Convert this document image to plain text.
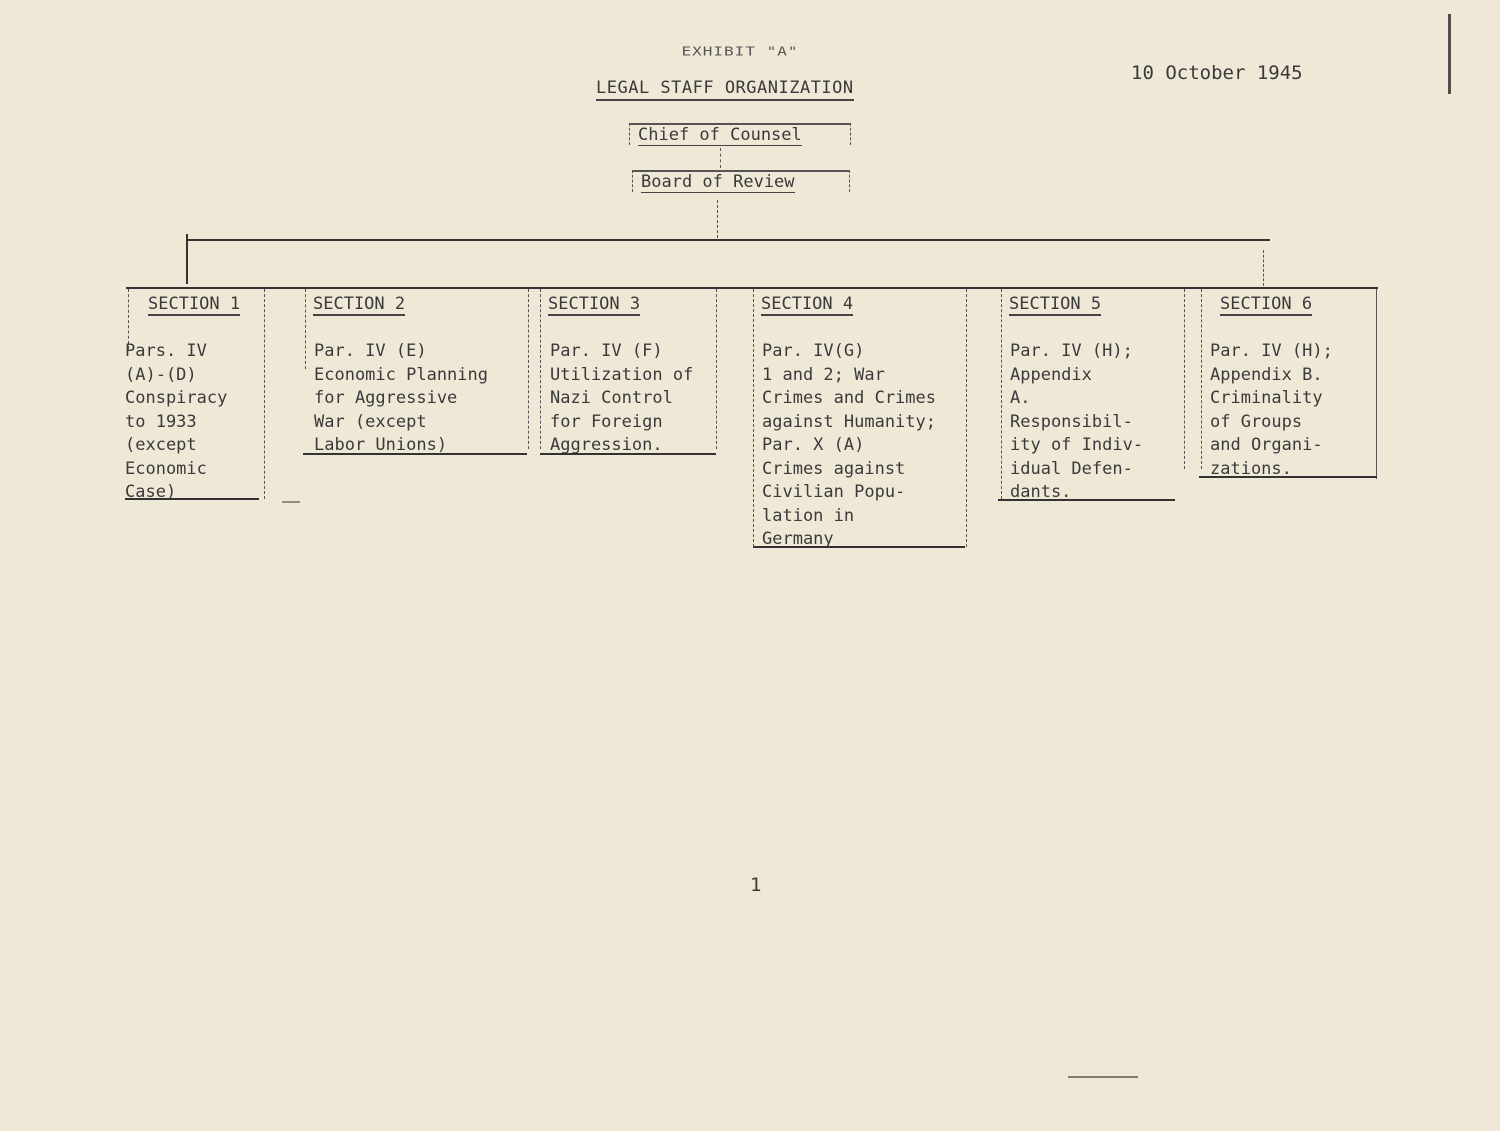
EXHIBIT "A"
LEGAL STAFF ORGANIZATION
10 October 1945
Chief of Counsel
Board of Review
SECTION 1
Pars. IV
(A)-(D)
Conspiracy
to 1933
(except
Economic
Case)
SECTION 2
Par. IV (E)
Economic Planning
for Aggressive
War (except
Labor Unions)
SECTION 3
Par. IV (F)
Utilization of
Nazi Control
for Foreign
Aggression.
SECTION 4
Par. IV(G)
1 and 2; War
Crimes and Crimes
against Humanity;
Par. X (A)
Crimes against
Civilian Popu-
lation in
Germany
SECTION 5
Par. IV (H);
Appendix
A.
Responsibil-
ity of Indiv-
idual Defen-
dants.
SECTION 6
Par. IV (H);
Appendix B.
Criminality
of Groups
and Organi-
zations.
1
